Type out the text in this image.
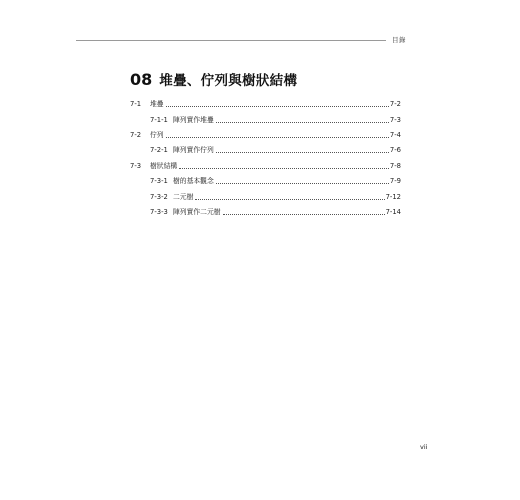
目錄
08 堆疊、佇列與樹狀結構
7-1	堆疊	7-2
7-1-1 陣列實作堆疊	7-3
7-2	佇列	7-4
7-2-1 陣列實作佇列	7-6
7-3	樹狀結構	7-8
7-3-1 樹的基本觀念	7-9
7-3-2 二元樹	7-12
7-3-3 陣列實作二元樹	7-14
vii
